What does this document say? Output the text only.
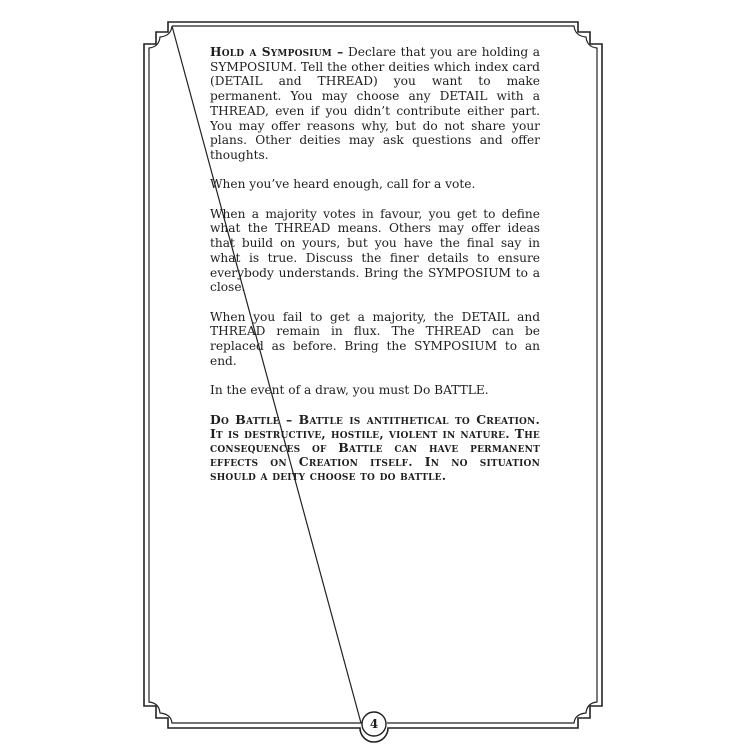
Hold a Symposium – Declare that you are holding a SYMPOSIUM. Tell the other deities which index card (DETAIL and THREAD) you want to make permanent. You may choose any DETAIL with a THREAD, even if you didn’t contribute either part. You may offer reasons why, but do not share your plans. Other deities may ask questions and offer thoughts.

When you’ve heard enough, call for a vote.

When a majority votes in favour, you get to define what the THREAD means. Others may offer ideas that build on yours, but you have the final say in what is true. Discuss the finer details to ensure everybody understands. Bring the SYMPOSIUM to a close.

When you fail to get a majority, the DETAIL and THREAD remain in flux. The THREAD can be replaced as before. Bring the SYMPOSIUM to an end.

In the event of a draw, you must Do BATTLE.

Do Battle – Battle is antithetical to Creation. It is destructive, hostile, violent in nature. The consequences of Battle can have permanent effects on Creation itself. In no situation should a deity choose to do battle.

4
